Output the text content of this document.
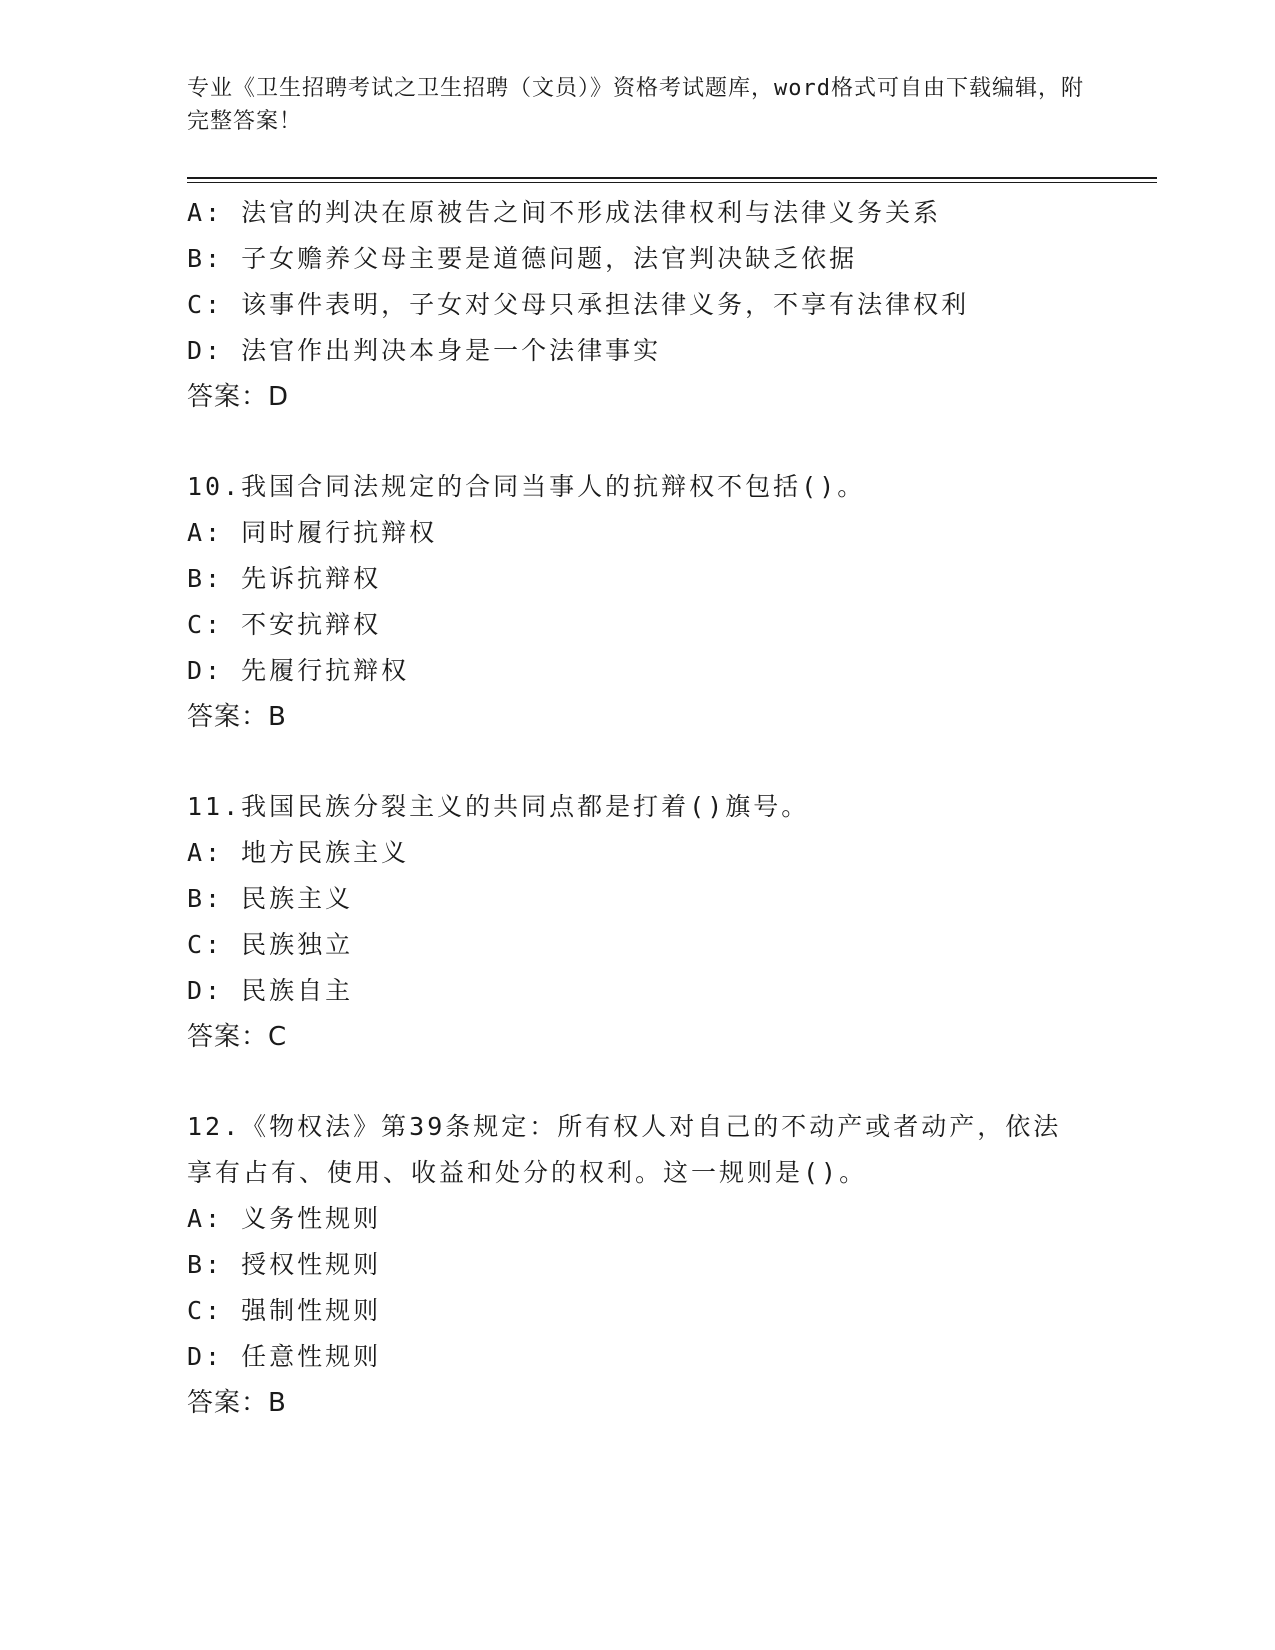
专业《卫生招聘考试之卫生招聘（文员）》资格考试题库，word格式可自由下载编辑，附完整答案！
A: 法官的判决在原被告之间不形成法律权利与法律义务关系
B: 子女赡养父母主要是道德问题，法官判决缺乏依据
C: 该事件表明，子女对父母只承担法律义务，不享有法律权利
D: 法官作出判决本身是一个法律事实
答案：D
10.我国合同法规定的合同当事人的抗辩权不包括()。
A: 同时履行抗辩权
B: 先诉抗辩权
C: 不安抗辩权
D: 先履行抗辩权
答案：B
11.我国民族分裂主义的共同点都是打着()旗号。
A: 地方民族主义
B: 民族主义
C: 民族独立
D: 民族自主
答案：C
12.《物权法》第39条规定：所有权人对自己的不动产或者动产，依法享有占有、使用、收益和处分的权利。这一规则是()。
A: 义务性规则
B: 授权性规则
C: 强制性规则
D: 任意性规则
答案：B
